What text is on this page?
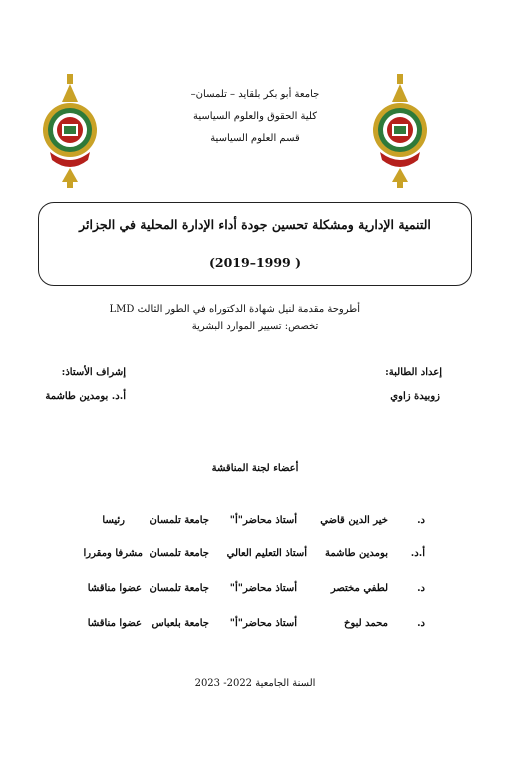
جامعة أبو بكر بلقايد – تلمسان–
كلية الحقوق والعلوم السياسية
قسم العلوم السياسية
التنمية الإدارية ومشكلة تحسين جودة أداء الإدارة المحلية في الجزائر
( 1999–2019)
أطروحة مقدمة لنيل شهادة الدكتوراه في الطور الثالث LMD
تخصص: تسيير الموارد البشرية
إعداد الطالبة:
زوبيدة زاوي
إشراف الأستاذ:
أ.د. بومدين طاشمة
أعضاء لجنة المناقشة
د.
خير الدين قاضي
أستاذ محاضر"أ"
جامعة تلمسان
رئيسا
أ.د.
بومدين طاشمة
أستاذ التعليم العالي
جامعة تلمسان
مشرفا ومقررا
د.
لطفي مختصر
أستاذ محاضر"أ"
جامعة تلمسان
عضوا مناقشا
د.
محمد لبوخ
أستاذ محاضر"أ"
جامعة بلعباس
عضوا مناقشا
السنة الجامعية 2022- 2023
